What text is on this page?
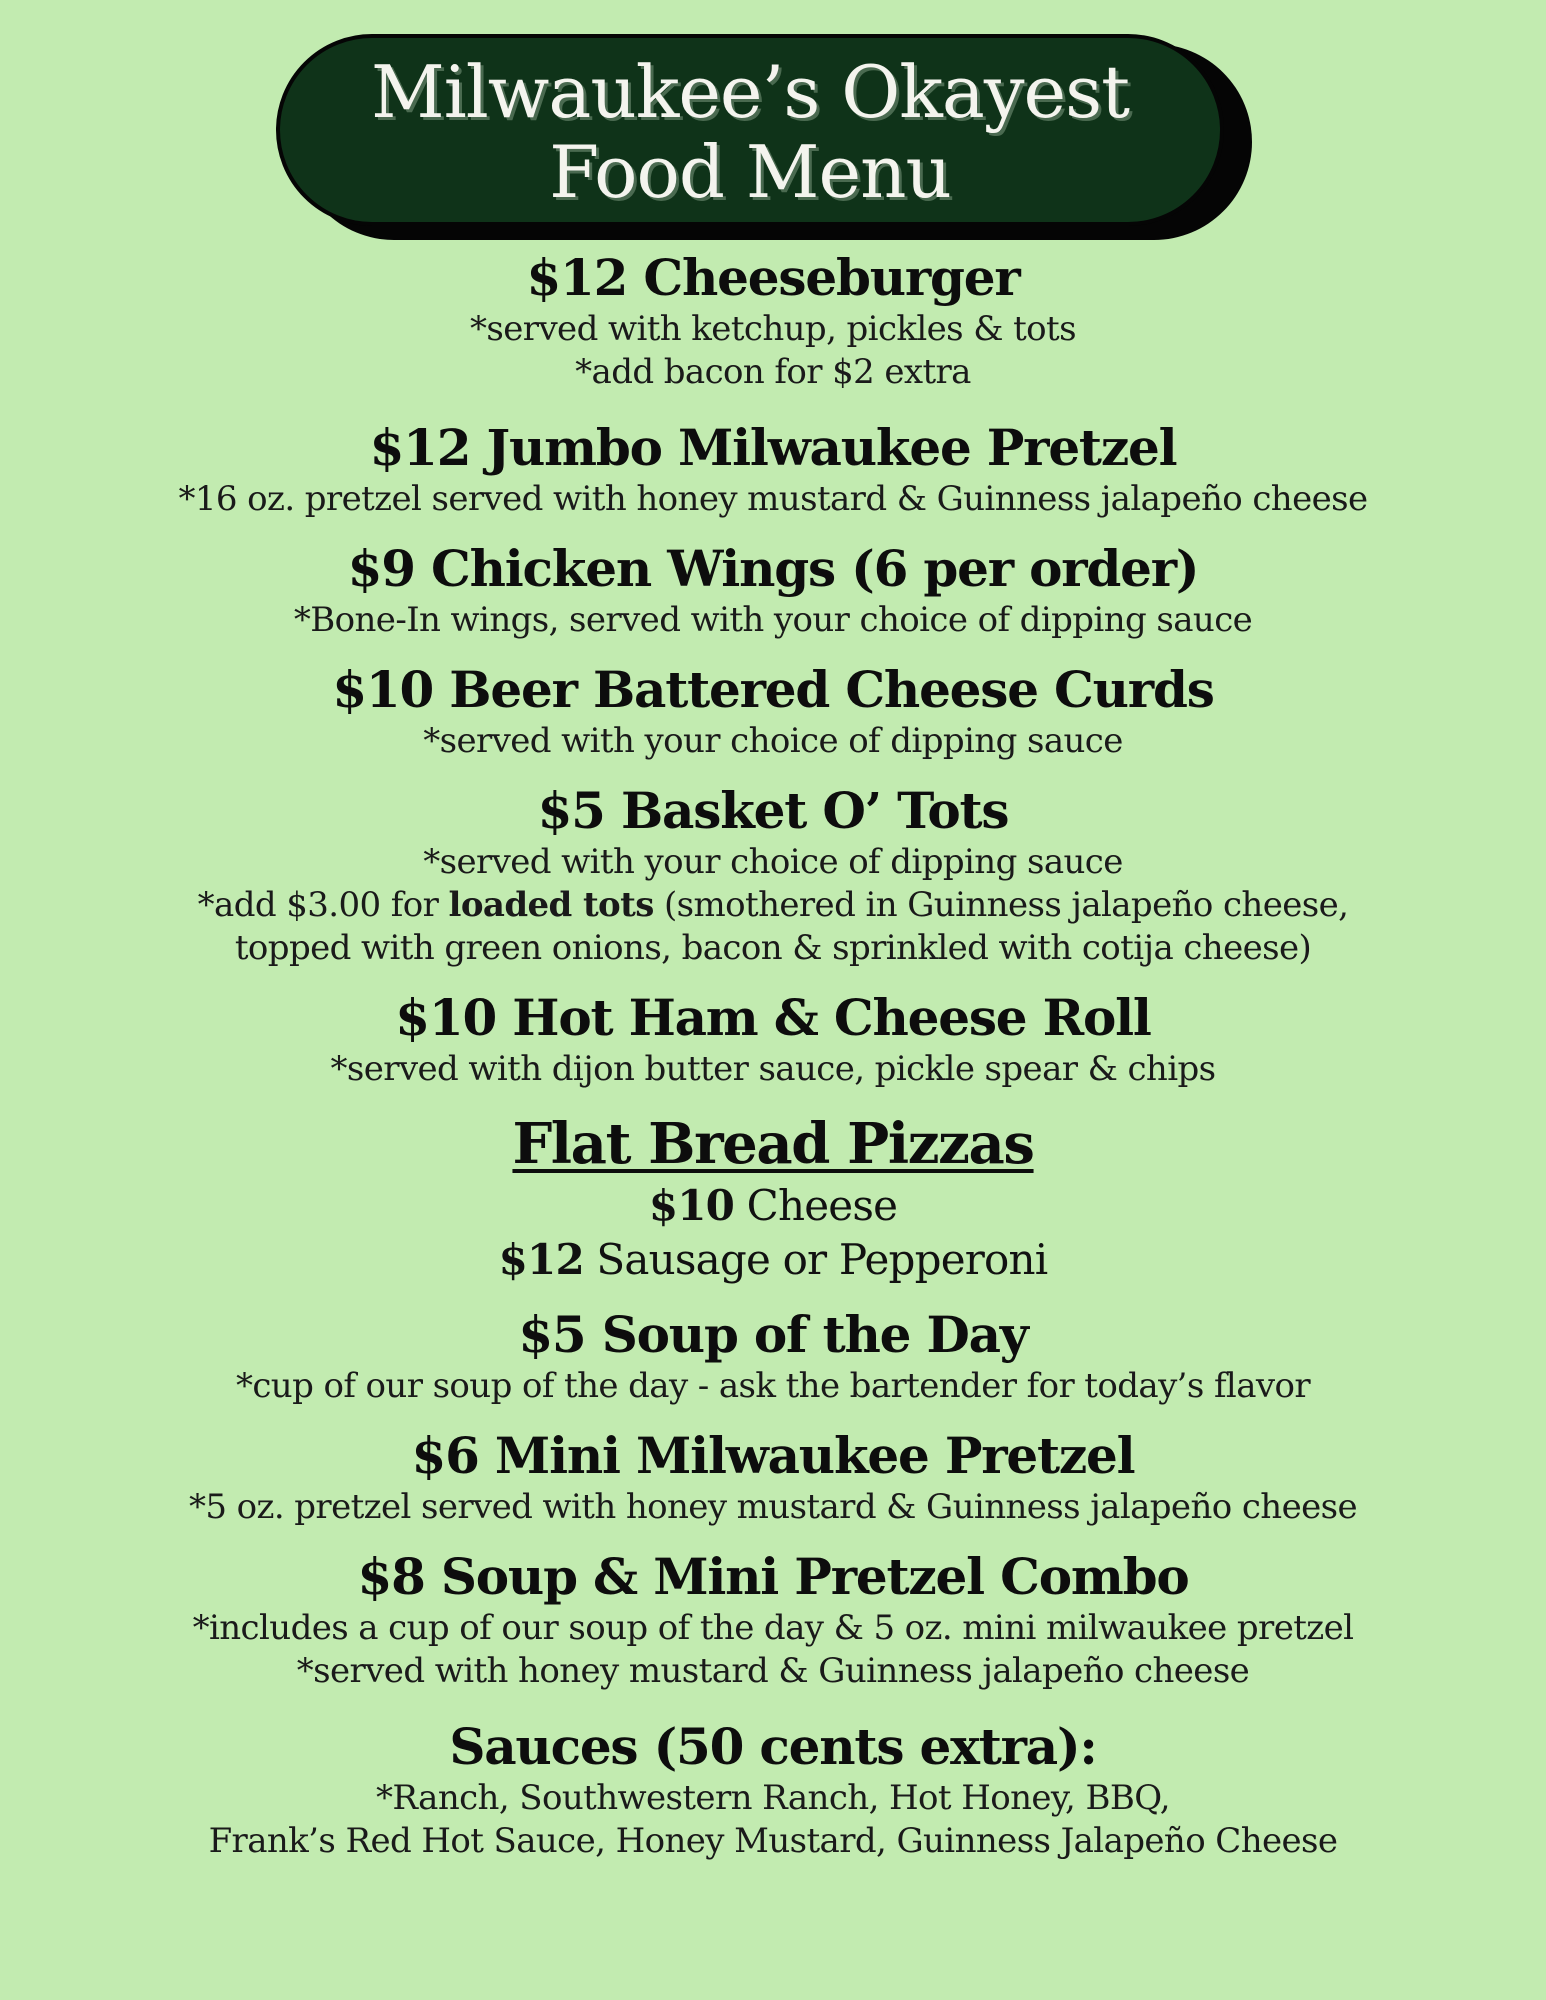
Milwaukee’s Okayest
Food Menu
$12 Cheeseburger
*served with ketchup, pickles & tots
*add bacon for $2 extra
$12 Jumbo Milwaukee Pretzel
*16 oz. pretzel served with honey mustard & Guinness jalapeño cheese
$9 Chicken Wings (6 per order)
*Bone-In wings, served with your choice of dipping sauce
$10 Beer Battered Cheese Curds
*served with your choice of dipping sauce
$5 Basket O’ Tots
*served with your choice of dipping sauce
*add $3.00 for loaded tots (smothered in Guinness jalapeño cheese,
topped with green onions, bacon & sprinkled with cotija cheese)
$10 Hot Ham & Cheese Roll
*served with dijon butter sauce, pickle spear & chips
Flat Bread Pizzas
$10 Cheese
$12 Sausage or Pepperoni
$5 Soup of the Day
*cup of our soup of the day - ask the bartender for today’s flavor
$6 Mini Milwaukee Pretzel
*5 oz. pretzel served with honey mustard & Guinness jalapeño cheese
$8 Soup & Mini Pretzel Combo
*includes a cup of our soup of the day & 5 oz. mini milwaukee pretzel
*served with honey mustard & Guinness jalapeño cheese
Sauces (50 cents extra):
*Ranch, Southwestern Ranch, Hot Honey, BBQ,
Frank’s Red Hot Sauce, Honey Mustard, Guinness Jalapeño Cheese
